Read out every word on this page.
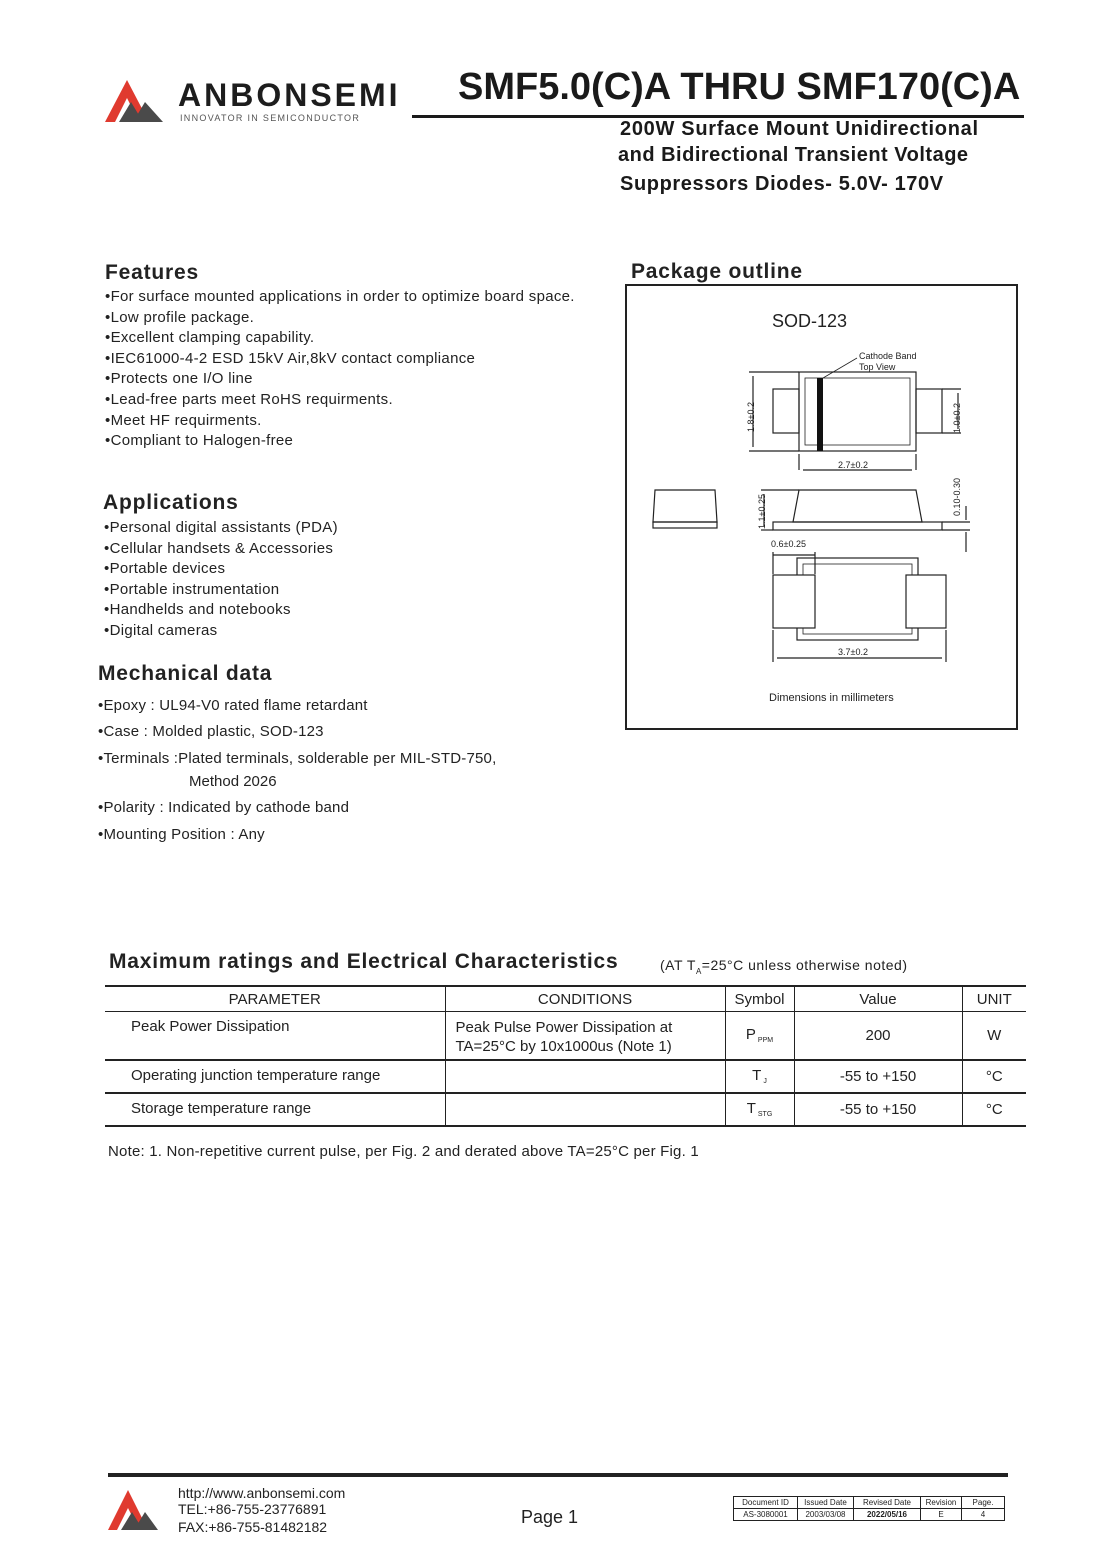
ANBONSEMI
INNOVATOR IN SEMICONDUCTOR
SMF5.0(C)A THRU SMF170(C)A
200W Surface Mount Unidirectional
and Bidirectional Transient Voltage
Suppressors Diodes- 5.0V- 170V
Features
• For surface mounted applications in order to optimize board space.
• Low profile package.
• Excellent clamping capability.
• IEC61000-4-2 ESD 15kV Air,8kV contact compliance
• Protects one I/O line
• Lead-free parts meet RoHS requirments.
• Meet HF requirments.
• Compliant to Halogen-free
Applications
• Personal digital assistants (PDA)
• Cellular handsets & Accessories
• Portable devices
• Portable instrumentation
• Handhelds and notebooks
• Digital cameras
Mechanical data
• Epoxy : UL94-V0 rated flame retardant
• Case : Molded plastic, SOD-123
• Terminals :Plated terminals, solderable per MIL-STD-750,
Method 2026
• Polarity : Indicated by cathode band
• Mounting Position : Any
Package outline
SOD-123
Cathode Band
Top View
2.7±0.2
1.8±0.2	1.0±0.2
1.1±0.25	0.10-0.30
0.6±0.25
3.7±0.2
Dimensions in millimeters
Maximum ratings and Electrical Characteristics	(AT $T_A=25^\circ C$ unless otherwise noted)
PARAMETER	CONDITIONS	Symbol	Value	UNIT
Peak Power Dissipation	Peak Pulse Power Dissipation at
TA=25°C by 10x1000us (Note 1)	P $_{PPM}$	200	W
Operating junction temperature range		T $_J$	-55 to +150	°C
Storage temperature range		T $_{STG}$	-55 to +150	°C
Note: 1. Non-repetitive current pulse, per Fig. 2 and derated above TA=25°C per Fig. 1
http://www.anbonsemi.com
TEL:+86-755-23776891
FAX:+86-755-81482182	Page 1
Document ID	Issued Date	Revised Date	Revision	Page.
AS-3080001	2003/03/08	2022/05/16	E	4
